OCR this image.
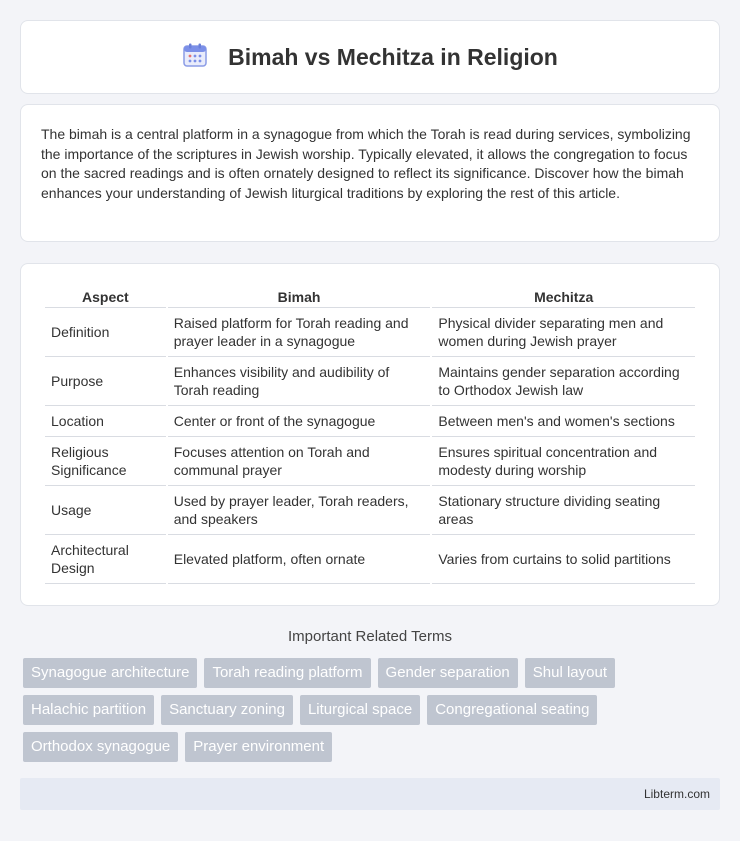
Bimah vs Mechitza in Religion

The bimah is a central platform in a synagogue from which the Torah is read during services, symbolizing the importance of the scriptures in Jewish worship. Typically elevated, it allows the congregation to focus on the sacred readings and is often ornately designed to reflect its significance. Discover how the bimah enhances your understanding of Jewish liturgical traditions by exploring the rest of this article.

Aspect	Bimah	Mechitza
Definition	Raised platform for Torah reading and prayer leader in a synagogue	Physical divider separating men and women during Jewish prayer
Purpose	Enhances visibility and audibility of Torah reading	Maintains gender separation according to Orthodox Jewish law
Location	Center or front of the synagogue	Between men's and women's sections
Religious Significance	Focuses attention on Torah and communal prayer	Ensures spiritual concentration and modesty during worship
Usage	Used by prayer leader, Torah readers, and speakers	Stationary structure dividing seating areas
Architectural Design	Elevated platform, often ornate	Varies from curtains to solid partitions
Important Related Terms
Synagogue architecture	Torah reading platform	Gender separation	Shul layout
Halachic partition	Sanctuary zoning	Liturgical space	Congregational seating
Orthodox synagogue	Prayer environment
Libterm.com
